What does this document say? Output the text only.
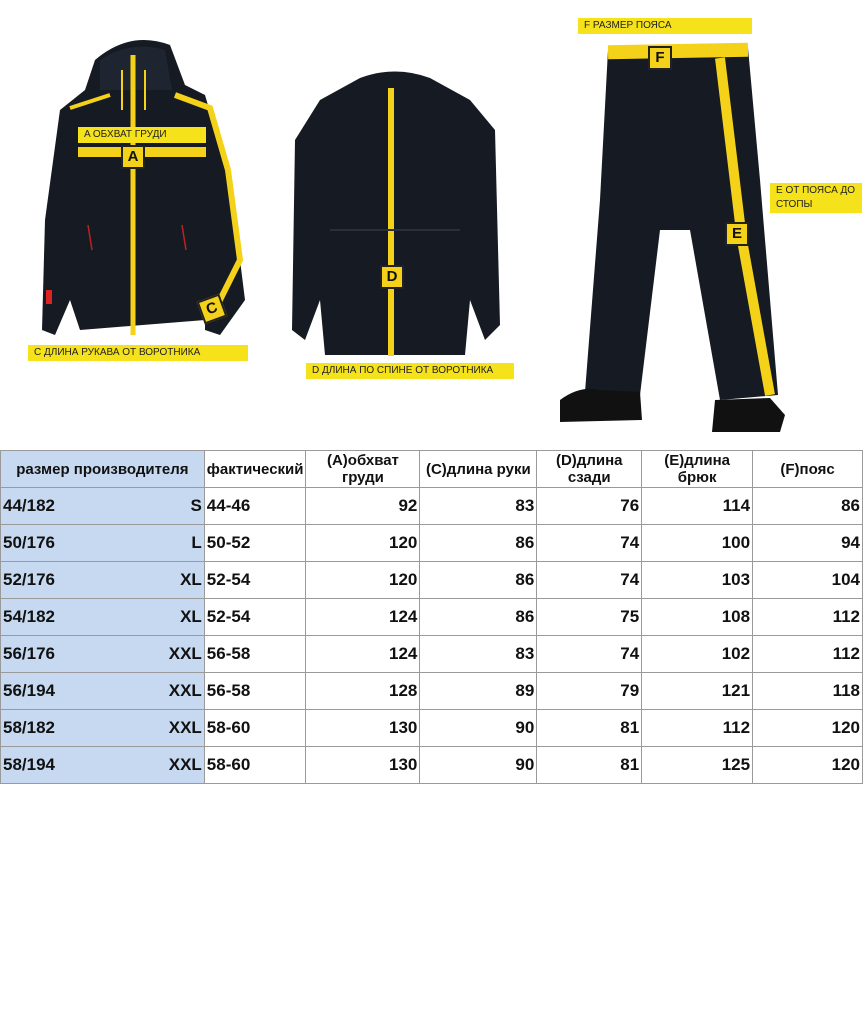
A ОБХВАТ ГРУДИ
A
C
C ДЛИНА РУКАВА ОТ ВОРОТНИКА
D
D ДЛИНА ПО СПИНЕ ОТ ВОРОТНИКА
F РАЗМЕР ПОЯСА
F
E
E ОТ ПОЯСА ДО СТОПЫ
размер производителя	фактический	(A)обхват груди	(C)длина руки	(D)длина сзади	(E)длина брюк	(F)пояс

44/182 S	44-46	92	83	76	114	86

50/176 L	50-52	120	86	74	100	94

52/176 XL	52-54	120	86	74	103	104

54/182 XL	52-54	124	86	75	108	112

56/176 XXL	56-58	124	83	74	102	112

56/194 XXL	56-58	128	89	79	121	118

58/182 XXL	58-60	130	90	81	112	120

58/194 XXL	58-60	130	90	81	125	120
